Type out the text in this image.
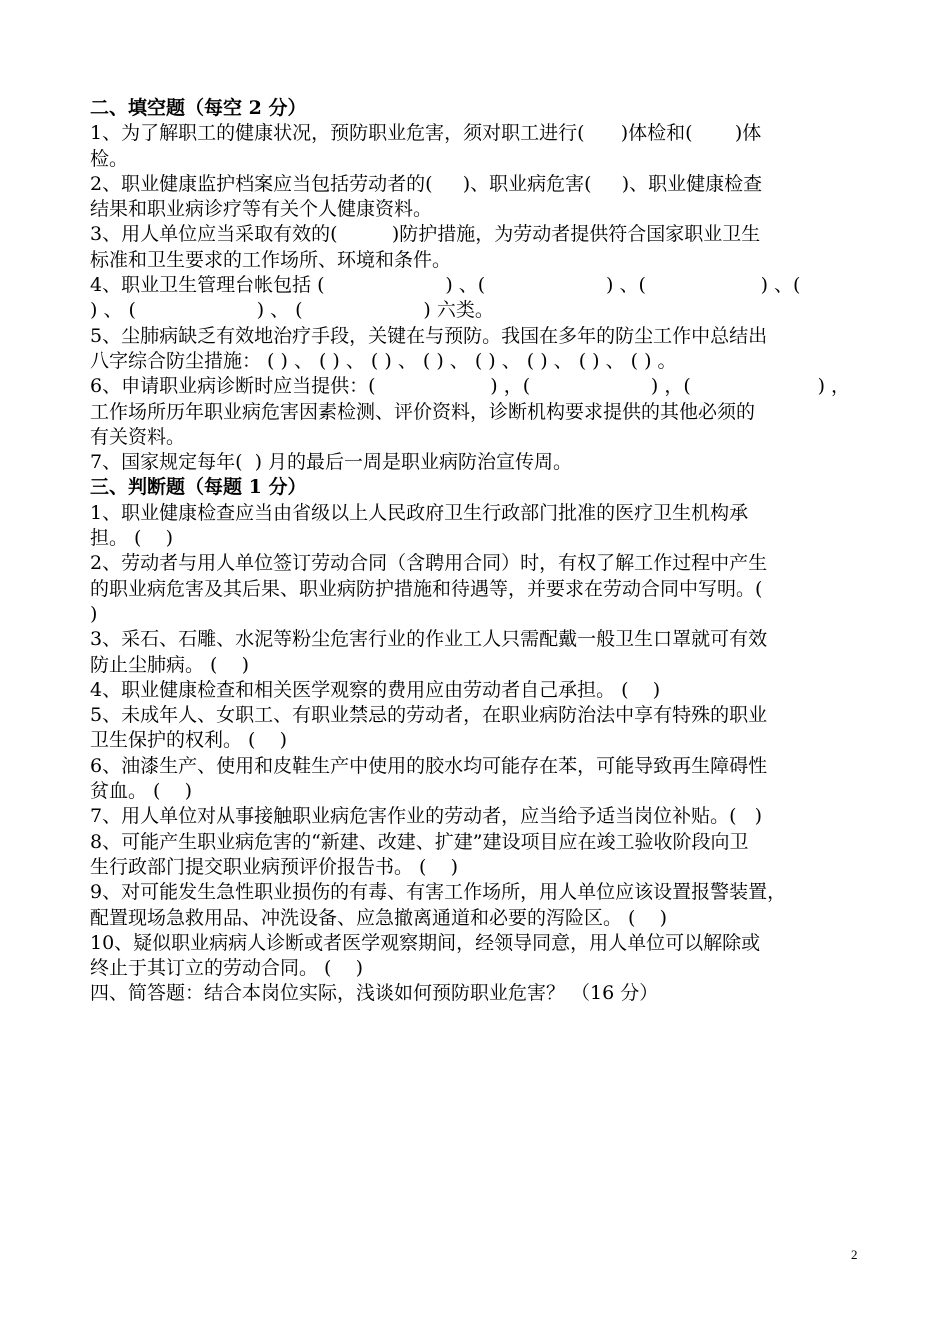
二、填空题（每空 2 分）
1、为了解职工的健康状况，预防职业危害，须对职工进行(      )体检和(       )体
检。
2、职业健康监护档案应当包括劳动者的(     )、职业病危害(     )、职业健康检查
结果和职业病诊疗等有关个人健康资料。
3、用人单位应当采取有效的(         )防护措施，为劳动者提供符合国家职业卫生
标准和卫生要求的工作场所、环境和条件。
4、职业卫生管理台帐包括 (                    ) 、(                    ) 、(                   ) 、(
) 、 (                    ) 、 (                    ) 六类。
5、尘肺病缺乏有效地治疗手段，关键在与预防。我国在多年的防尘工作中总结出
八字综合防尘措施： ( ) 、 ( ) 、 ( ) 、 ( ) 、 ( ) 、 ( ) 、 ( ) 、 ( ) 。
6、申请职业病诊断时应当提供：(                   ) ，(                    ) ，(                     ) ，
工作场所历年职业病危害因素检测、评价资料，诊断机构要求提供的其他必须的
有关资料。
7、国家规定每年(  ) 月的最后一周是职业病防治宣传周。
三、判断题（每题 1 分）
1、职业健康检查应当由省级以上人民政府卫生行政部门批准的医疗卫生机构承
担。 (    )
2、劳动者与用人单位签订劳动合同（含聘用合同）时，有权了解工作过程中产生
的职业病危害及其后果、职业病防护措施和待遇等，并要求在劳动合同中写明。(
)
3、采石、石雕、水泥等粉尘危害行业的作业工人只需配戴一般卫生口罩就可有效
防止尘肺病。 (    )
4、职业健康检查和相关医学观察的费用应由劳动者自己承担。 (    )
5、未成年人、女职工、有职业禁忌的劳动者，在职业病防治法中享有特殊的职业
卫生保护的权利。 (    )
6、油漆生产、使用和皮鞋生产中使用的胶水均可能存在苯，可能导致再生障碍性
贫血。 (    )
7、用人单位对从事接触职业病危害作业的劳动者，应当给予适当岗位补贴。(   )
8、可能产生职业病危害的“新建、改建、扩建”建设项目应在竣工验收阶段向卫
生行政部门提交职业病预评价报告书。 (    )
9、对可能发生急性职业损伤的有毒、有害工作场所，用人单位应该设置报警装置，
配置现场急救用品、冲洗设备、应急撤离通道和必要的泻险区。 (    )
10、疑似职业病病人诊断或者医学观察期间，经领导同意，用人单位可以解除或
终止于其订立的劳动合同。 (    )
四、简答题：结合本岗位实际，浅谈如何预防职业危害？ （16 分）
2
